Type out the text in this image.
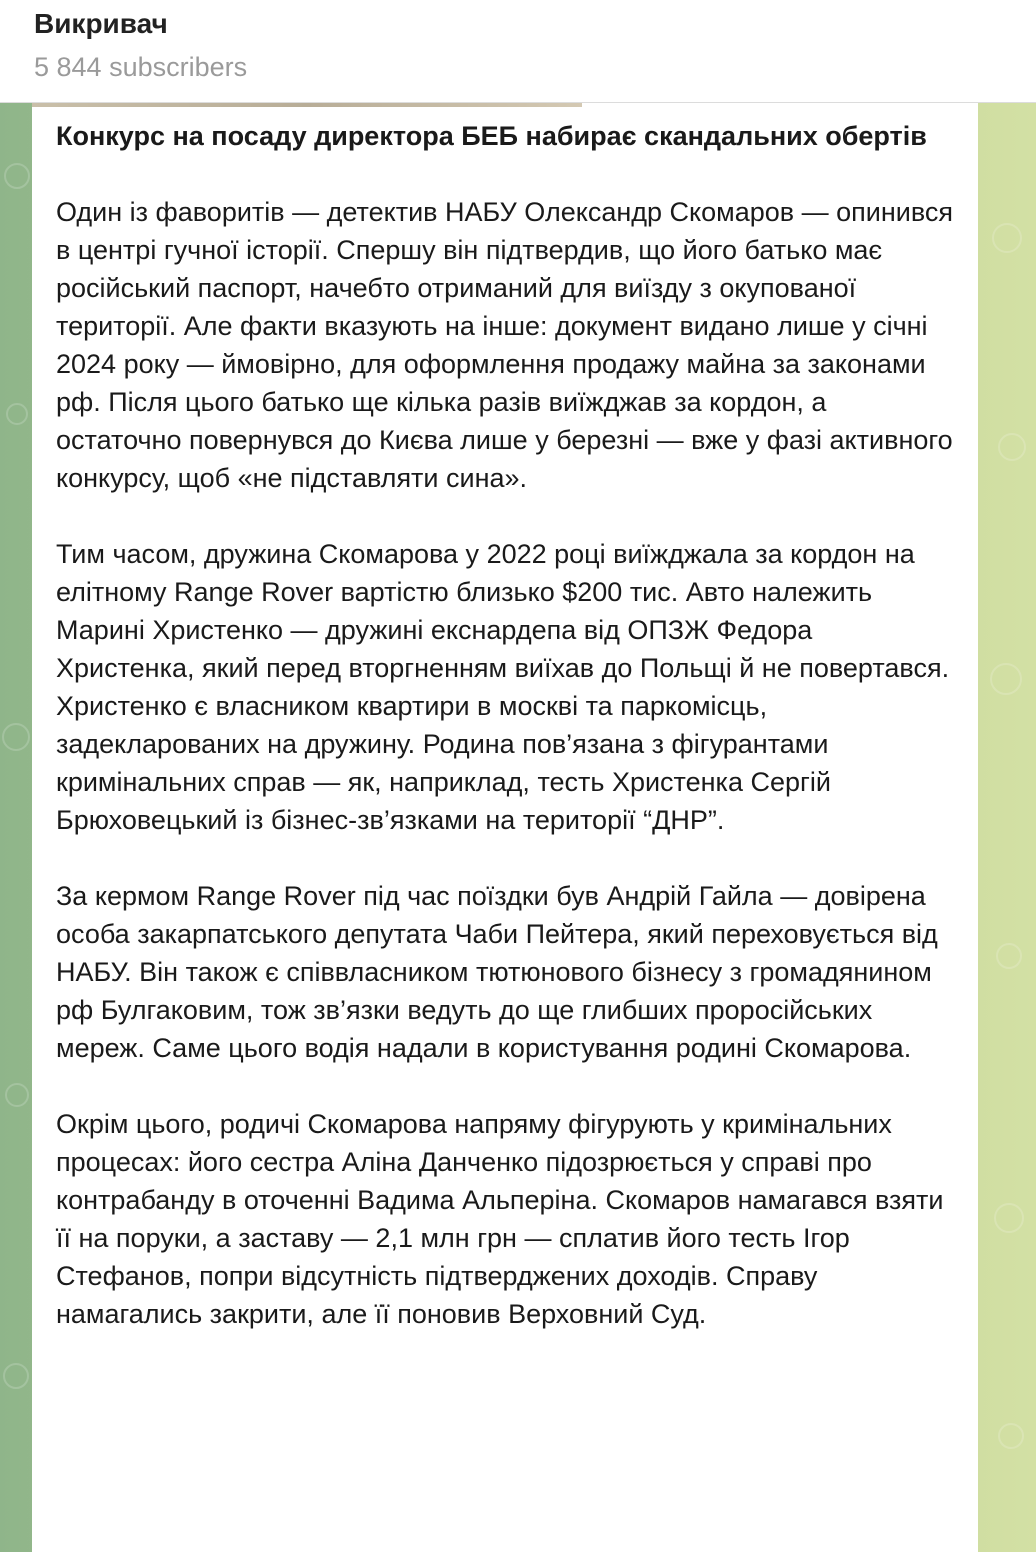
Викривач
5 844 subscribers
Конкурс на посаду директора БЕБ набирає скандальних обертів
Один із фаворитів — детектив НАБУ Олександр Скомаров — опинився в центрі гучної історії. Спершу він підтвердив, що його батько має російський паспорт, начебто отриманий для виїзду з окупованої території. Але факти вказують на інше: документ видано лише у січні 2024 року — ймовірно, для оформлення продажу майна за законами рф. Після цього батько ще кілька разів виїжджав за кордон, а остаточно повернувся до Києва лише у березні — вже у фазі активного конкурсу, щоб «не підставляти сина».
Тим часом, дружина Скомарова у 2022 році виїжджала за кордон на елітному Range Rover вартістю близько $200 тис. Авто належить Марині Христенко — дружині екснардепа від ОПЗЖ Федора Христенка, який перед вторгненням виїхав до Польщі й не повертався. Христенко є власником квартири в москві та паркомісць, задекларованих на дружину. Родина пов’язана з фігурантами кримінальних справ — як, наприклад, тесть Христенка Сергій Брюховецький із бізнес-зв’язками на території “ДНР”.
За кермом Range Rover під час поїздки був Андрій Гайла — довірена особа закарпатського депутата Чаби Пейтера, який переховується від НАБУ. Він також є співвласником тютюнового бізнесу з громадянином рф Булгаковим, тож зв’язки ведуть до ще глибших проросійських мереж. Саме цього водія надали в користування родині Скомарова.
Окрім цього, родичі Скомарова напряму фігурують у кримінальних процесах: його сестра Аліна Данченко підозрюється у справі про контрабанду в оточенні Вадима Альперіна. Скомаров намагався взяти її на поруки, а заставу — 2,1 млн грн — сплатив його тесть Ігор Стефанов, попри відсутність підтверджених доходів. Справу намагались закрити, але її поновив Верховний Суд.
